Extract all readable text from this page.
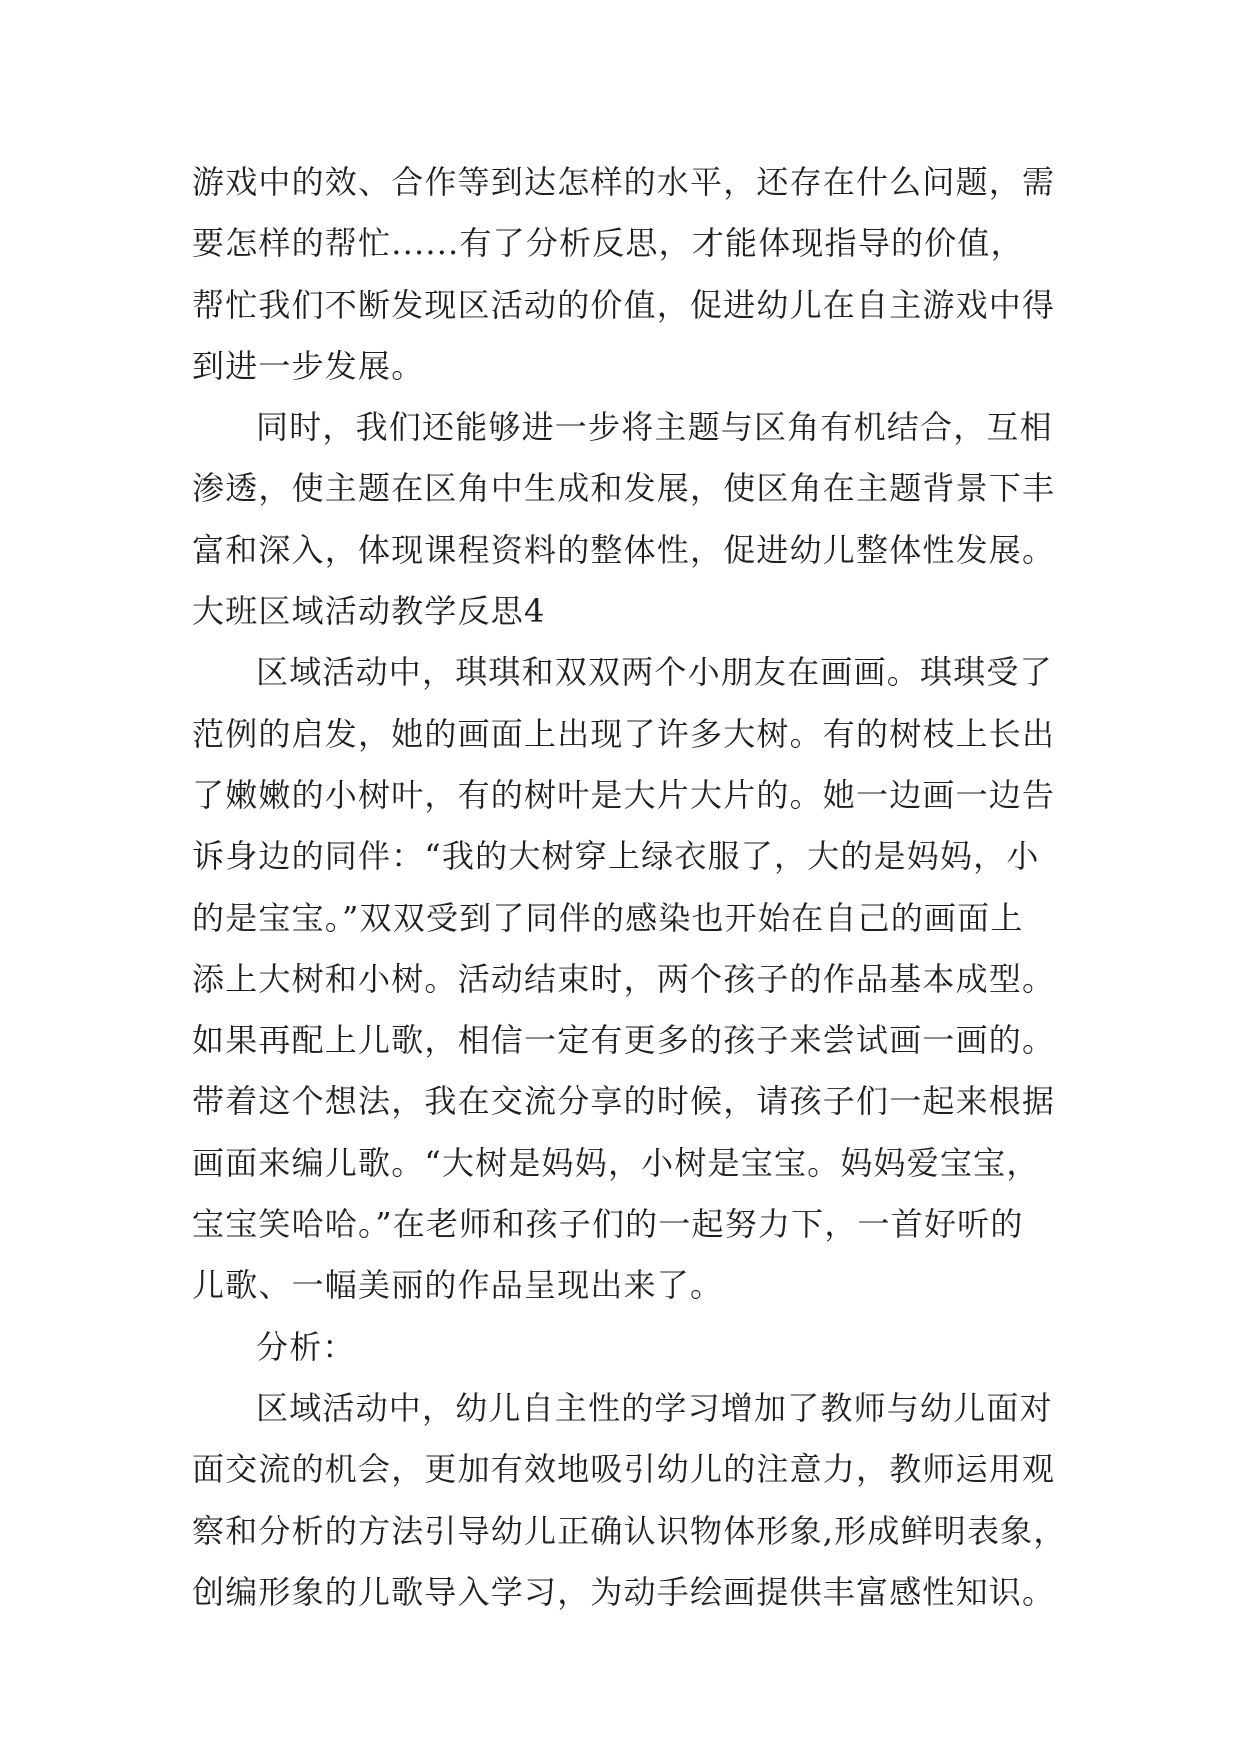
游戏中的效、合作等到达怎样的水平，还存在什么问题，需
要怎样的帮忙......有了分析反思，才能体现指导的价值，
帮忙我们不断发现区活动的价值，促进幼儿在自主游戏中得
到进一步发展。
同时，我们还能够进一步将主题与区角有机结合，互相
渗透，使主题在区角中生成和发展，使区角在主题背景下丰
富和深入，体现课程资料的整体性，促进幼儿整体性发展。
大班区域活动教学反思4
区域活动中，琪琪和双双两个小朋友在画画。琪琪受了
范例的启发，她的画面上出现了许多大树。有的树枝上长出
了嫩嫩的小树叶，有的树叶是大片大片的。她一边画一边告
诉身边的同伴：“我的大树穿上绿衣服了，大的是妈妈，小
的是宝宝。”双双受到了同伴的感染也开始在自己的画面上
添上大树和小树。活动结束时，两个孩子的作品基本成型。
如果再配上儿歌，相信一定有更多的孩子来尝试画一画的。
带着这个想法，我在交流分享的时候，请孩子们一起来根据
画面来编儿歌。“大树是妈妈，小树是宝宝。妈妈爱宝宝，
宝宝笑哈哈。”在老师和孩子们的一起努力下，一首好听的
儿歌、一幅美丽的作品呈现出来了。
分析：
区域活动中，幼儿自主性的学习增加了教师与幼儿面对
面交流的机会，更加有效地吸引幼儿的注意力，教师运用观
察和分析的方法引导幼儿正确认识物体形象,形成鲜明表象，
创编形象的儿歌导入学习，为动手绘画提供丰富感性知识。
